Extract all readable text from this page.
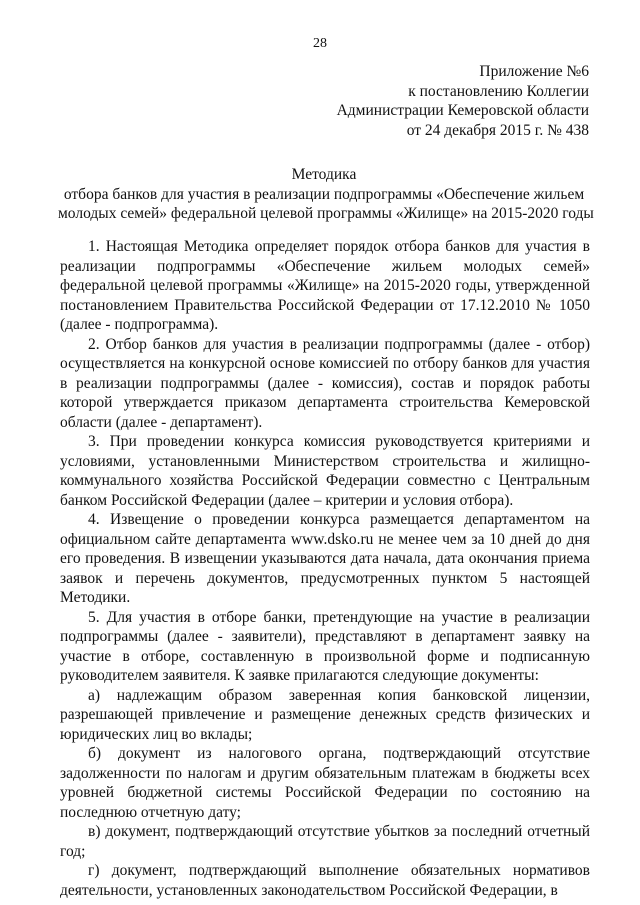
28
Приложение №6
к постановлению Коллегии
Администрации Кемеровской области
от 24 декабря 2015 г. № 438
Методика
отбора банков для участия в реализации подпрограммы «Обеспечение жильем
молодых семей» федеральной целевой программы «Жилище» на 2015-2020 годы

1. Настоящая Методика определяет порядок отбора банков для участия в реализации подпрограммы «Обеспечение жильем молодых семей» федеральной целевой программы «Жилище» на 2015-2020 годы, утвержденной постановлением Правительства Российской Федерации от 17.12.2010 № 1050 (далее - подпрограмма).

2. Отбор банков для участия в реализации подпрограммы (далее - отбор) осуществляется на конкурсной основе комиссией по отбору банков для участия в реализации подпрограммы (далее - комиссия), состав и порядок работы которой утверждается приказом департамента строительства Кемеровской области (далее - департамент).

3. При проведении конкурса комиссия руководствуется критериями и условиями, установленными Министерством строительства и жилищно-коммунального хозяйства Российской Федерации совместно с Центральным банком Российской Федерации (далее – критерии и условия отбора).

4. Извещение о проведении конкурса размещается департаментом на официальном сайте департамента www.dsko.ru не менее чем за 10 дней до дня его проведения. В извещении указываются дата начала, дата окончания приема заявок и перечень документов, предусмотренных пунктом 5 настоящей Методики.

5. Для участия в отборе банки, претендующие на участие в реализации подпрограммы (далее - заявители), представляют в департамент заявку на участие в отборе, составленную в произвольной форме и подписанную руководителем заявителя. К заявке прилагаются следующие документы:

а) надлежащим образом заверенная копия банковской лицензии, разрешающей привлечение и размещение денежных средств физических и юридических лиц во вклады;

б) документ из налогового органа, подтверждающий отсутствие задолженности по налогам и другим обязательным платежам в бюджеты всех уровней бюджетной системы Российской Федерации по состоянию на последнюю отчетную дату;

в) документ, подтверждающий отсутствие убытков за последний отчетный год;

г) документ, подтверждающий выполнение обязательных нормативов деятельности, установленных законодательством Российской Федерации, в
